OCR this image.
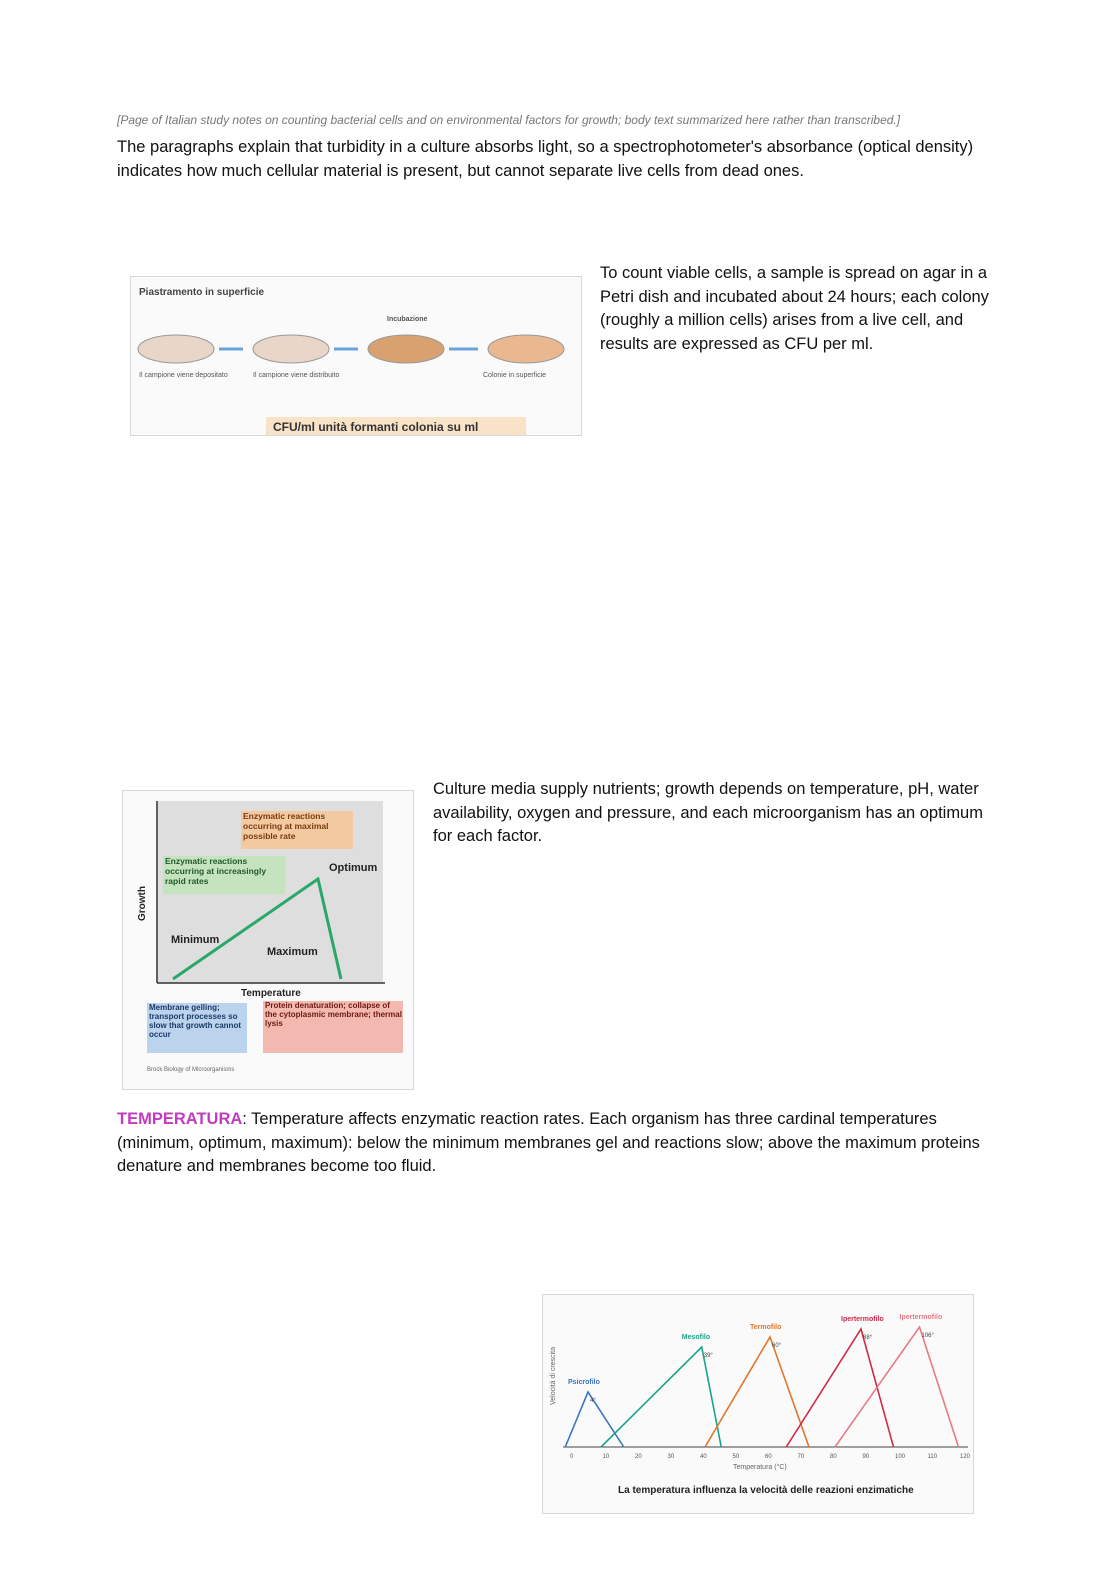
[Page of Italian study notes on counting bacterial cells and on environmental factors for growth; body text summarized here rather than transcribed.]

The paragraphs explain that turbidity in a culture absorbs light, so a spectrophotometer's absorbance (optical density) indicates how much cellular material is present, but cannot separate live cells from dead ones.

Piastramento in superficie
Il campione viene depositato	Il campione viene distribuito
Incubazione
Colonie in superficie
CFU/ml unità formanti colonia su ml

To count viable cells, a sample is spread on agar in a Petri dish and incubated about 24 hours; each colony (roughly a million cells) arises from a live cell, and results are expressed as CFU per ml.

Enzymatic reactions occurring at maximal possible rate
Enzymatic reactions occurring at increasingly rapid rates
Optimum
Minimum
Maximum
Growth
Temperature
Membrane gelling; transport processes so slow that growth cannot occur
Protein denaturation; collapse of the cytoplasmic membrane; thermal lysis
Brock Biology of Microorganisms

Culture media supply nutrients; growth depends on temperature, pH, water availability, oxygen and pressure, and each microorganism has an optimum for each factor.

TEMPERATURA: Temperature affects enzymatic reaction rates. Each organism has three cardinal temperatures (minimum, optimum, maximum): below the minimum membranes gel and reactions slow; above the maximum proteins denature and membranes become too fluid.

Velocità di crescita
Temperatura (°C)
La temperatura influenza la velocità delle reazioni enzimatiche
0	10	20	30	40	50	60	70	80	90	100	110	120
Psicrofilo
4°
Mesofilo
39°
Termofilo
60°
Ipertermofilo
88°
Ipertermofilo
106°
